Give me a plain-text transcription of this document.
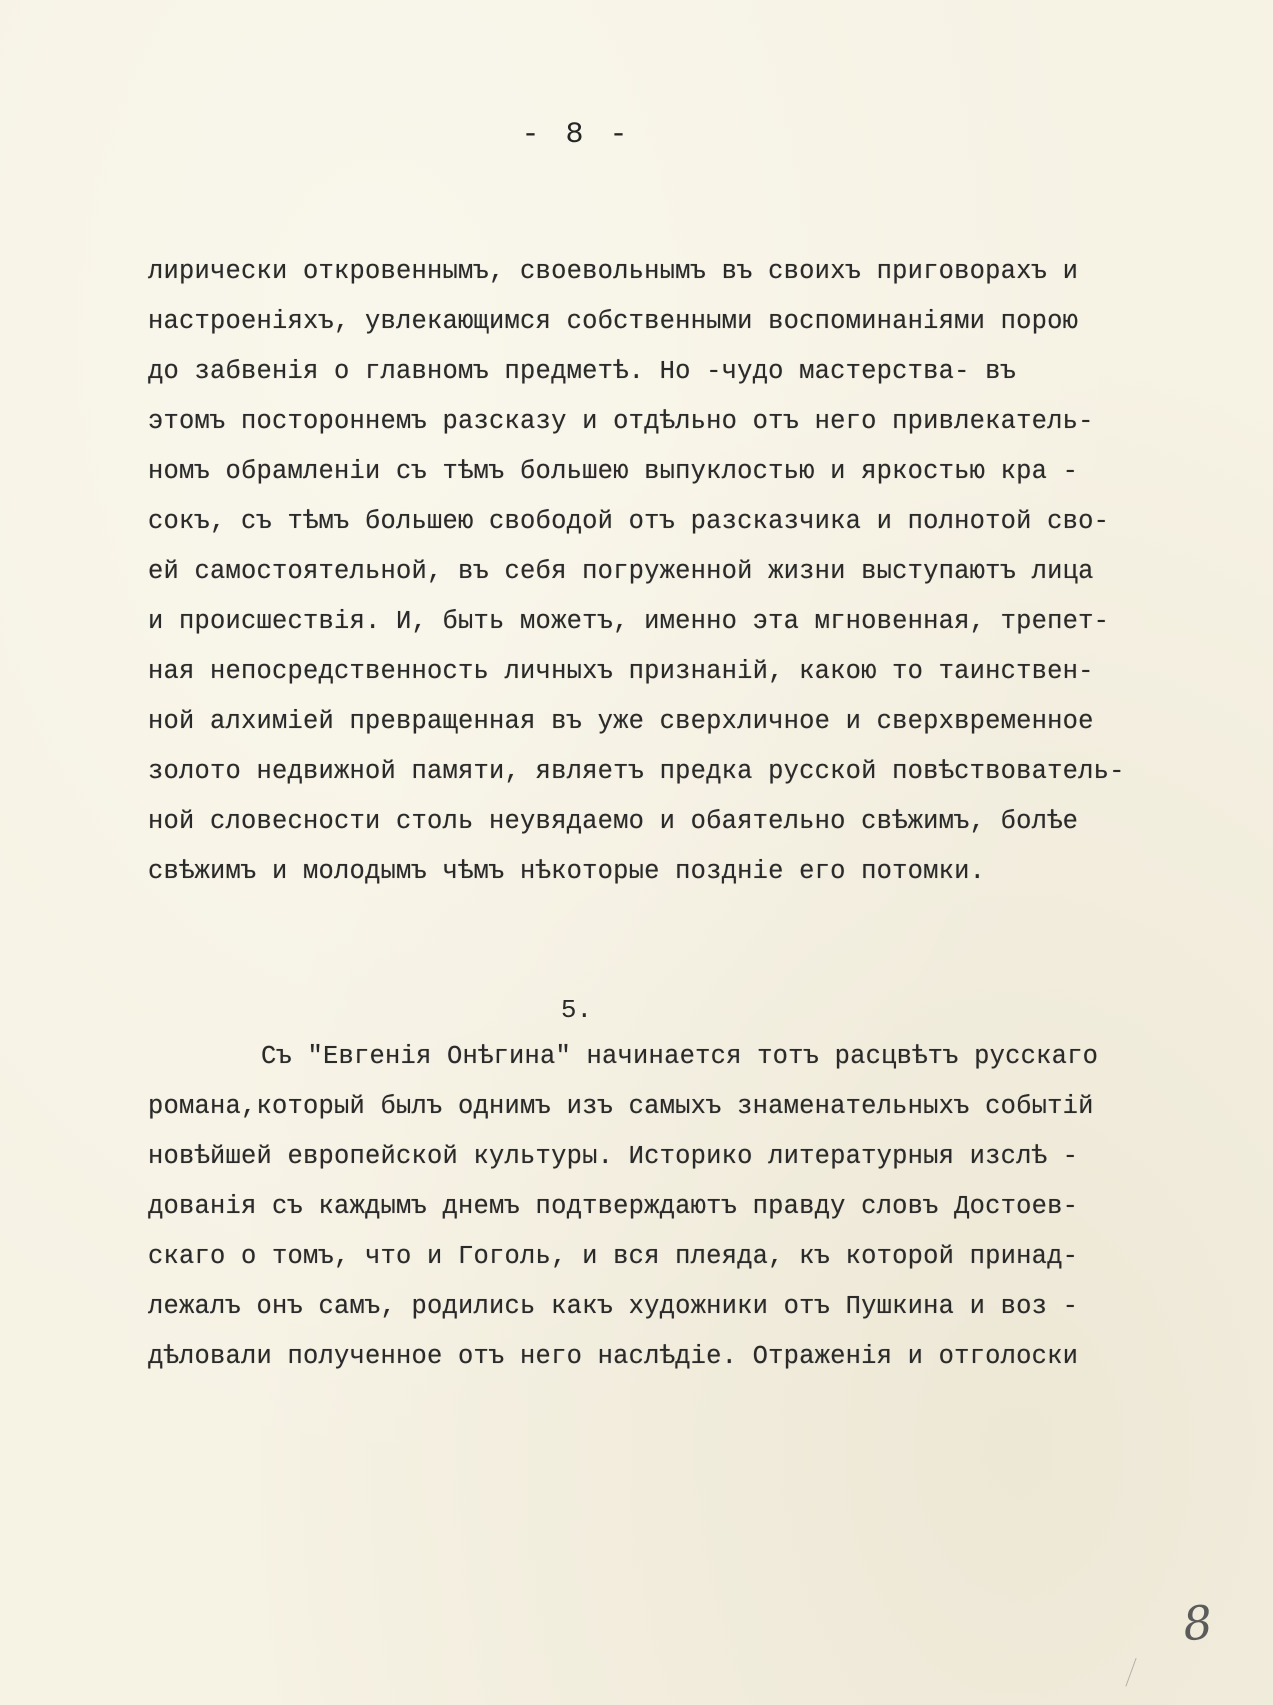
- 8 -
лирически откровеннымъ, своевольнымъ въ своихъ приговорахъ и
настроеніяхъ, увлекающимся собственными воспоминаніями порою
до забвенія о главномъ предметѣ. Но -чудо мастерства- въ
этомъ постороннемъ разсказу и отдѣльно отъ него привлекатель-
номъ обрамленіи съ тѣмъ большею выпуклостью и яркостью кра -
сокъ, съ тѣмъ большею свободой отъ разсказчика и полнотой сво-
ей самостоятельной, въ себя погруженной жизни выступаютъ лица
и происшествія. И, быть можетъ, именно эта мгновенная, трепет-
ная непосредственность личныхъ признаній, какою то таинствен-
ной алхиміей превращенная въ уже сверхличное и сверхвременное
золото недвижной памяти, являетъ предка русской повѣствователь-
ной словесности столь неувядаемо и обаятельно свѣжимъ, болѣе
свѣжимъ и молодымъ чѣмъ нѣкоторые поздніе его потомки.
5.
Съ "Евгенія Онѣгина" начинается тотъ расцвѣтъ русскаго
романа,который былъ однимъ изъ самыхъ знаменательныхъ событій
новѣйшей европейской культуры. Историко литературныя изслѣ -
дованія съ каждымъ днемъ подтверждаютъ правду словъ Достоев-
скаго о томъ, что и Гоголь, и вся плеяда, къ которой принад-
лежалъ онъ самъ, родились какъ художники отъ Пушкина и воз -
дѣловали полученное отъ него наслѣдіе. Отраженія и отголоски
8
